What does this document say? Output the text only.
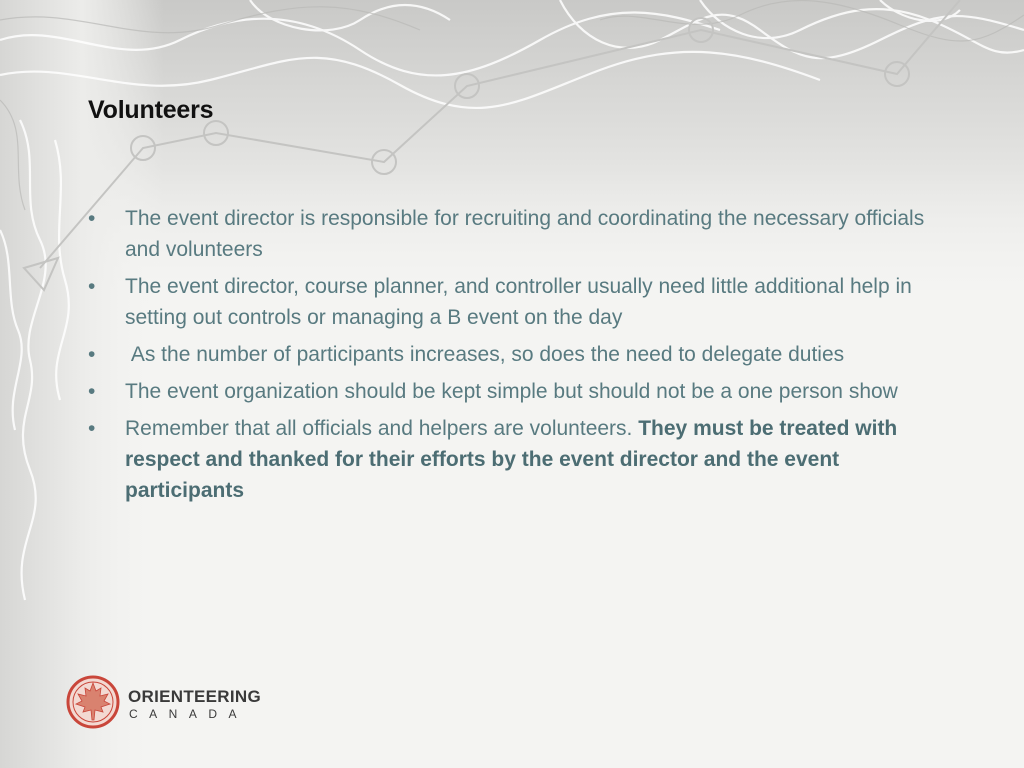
Volunteers
• The event director is responsible for recruiting and coordinating the necessary officials and volunteers
• The event director, course planner, and controller usually need little additional help in setting out controls or managing a B event on the day
• As the number of participants increases, so does the need to delegate duties
• The event organization should be kept simple but should not be a one person show
• Remember that all officials and helpers are volunteers. They must be treated with respect and thanked for their efforts by the event director and the event participants
ORIENTEERING
CANADA
